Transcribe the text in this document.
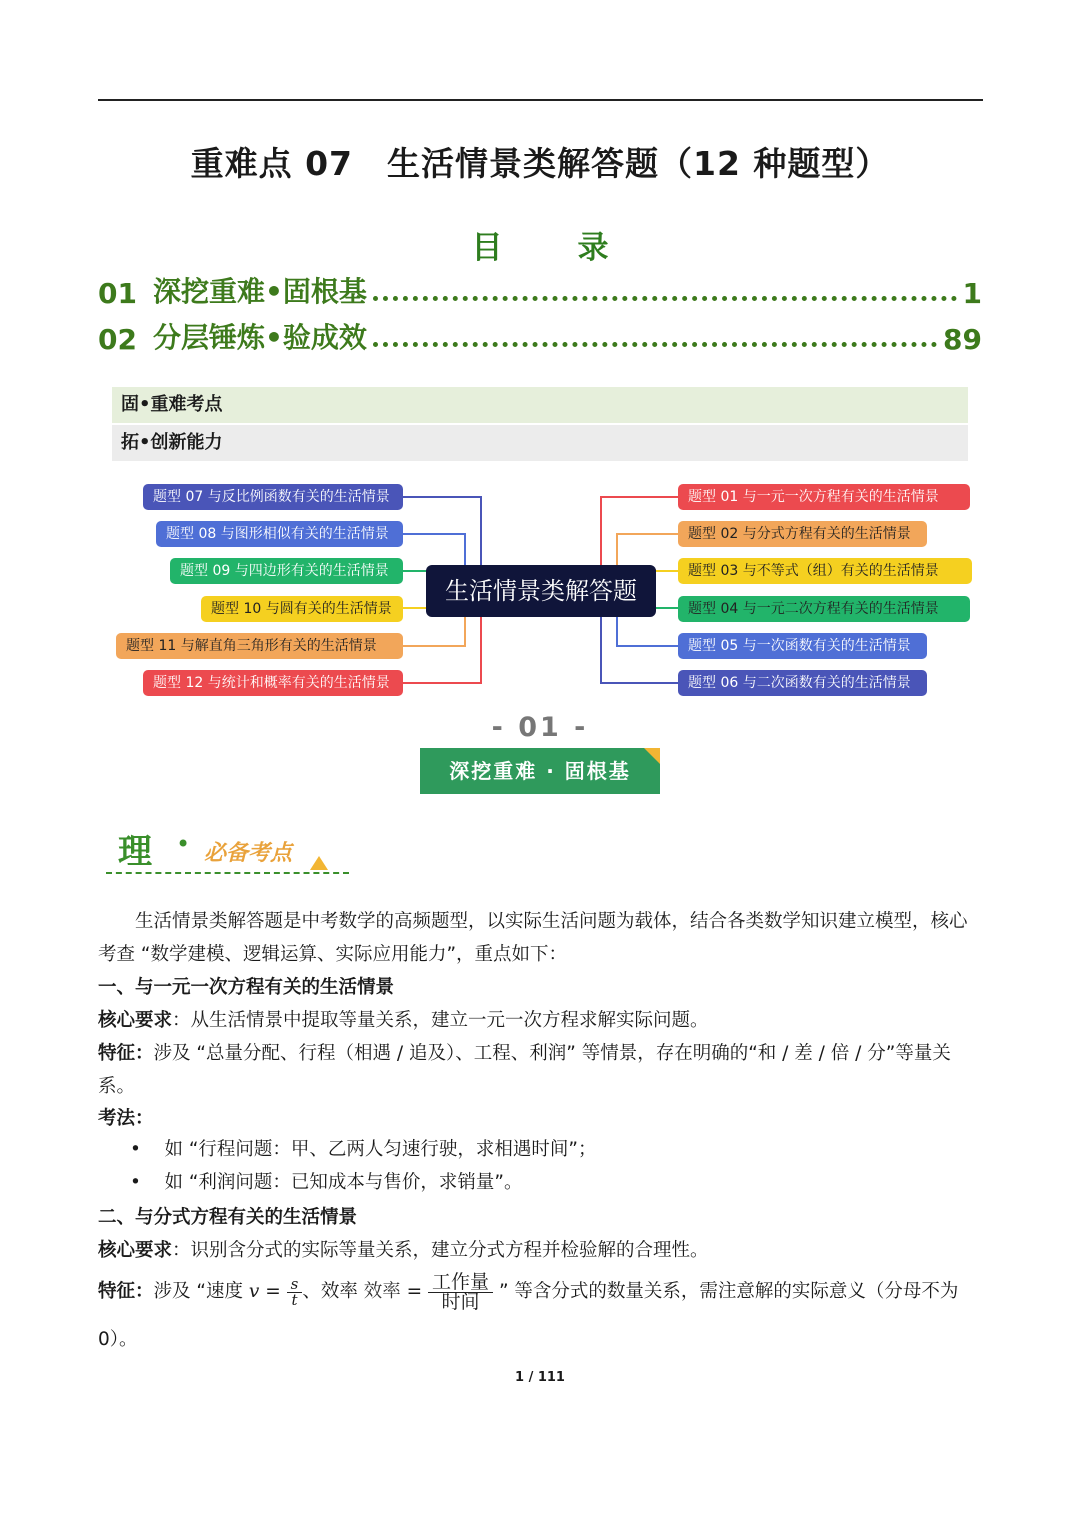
重难点 07　生活情景类解答题（12 种题型）
目　录
01 深挖重难•固根基	1
02 分层锤炼•验成效	89
固•重难考点
拓•创新能力
生活情景类解答题
题型 07 与反比例函数有关的生活情景
题型 08 与图形相似有关的生活情景
题型 09 与四边形有关的生活情景
题型 10 与圆有关的生活情景
题型 11 与解直角三角形有关的生活情景
题型 12 与统计和概率有关的生活情景
题型 01 与一元一次方程有关的生活情景
题型 02 与分式方程有关的生活情景
题型 03 与不等式（组）有关的生活情景
题型 04 与一元二次方程有关的生活情景
题型 05 与一次函数有关的生活情景
题型 06 与二次函数有关的生活情景
- 01 -
深挖重难 · 固根基
理 • 必备考点
生活情景类解答题是中考数学的高频题型，以实际生活问题为载体，结合各类数学知识建立模型，核心考查 “数学建模、逻辑运算、实际应用能力”，重点如下：
一、与一元一次方程有关的生活情景
核心要求：从生活情景中提取等量关系，建立一元一次方程求解实际问题。
特征：涉及 “总量分配、行程（相遇 / 追及）、工程、利润” 等情景，存在明确的“和 / 差 / 倍 / 分”等量关系。
考法：
• 如 “行程问题：甲、乙两人匀速行驶，求相遇时间”；
• 如 “利润问题：已知成本与售价，求销量”。
二、与分式方程有关的生活情景
核心要求：识别含分式的实际等量关系，建立分式方程并检验解的合理性。
特征：涉及 “速度 $v = \frac{s}{t}$ 、效率 效率 = $\frac{\text{工作量}}{\text{时间}}$ ” 等含分式的数量关系，需注意解的实际意义（分母不为 0）。
1 / 111
